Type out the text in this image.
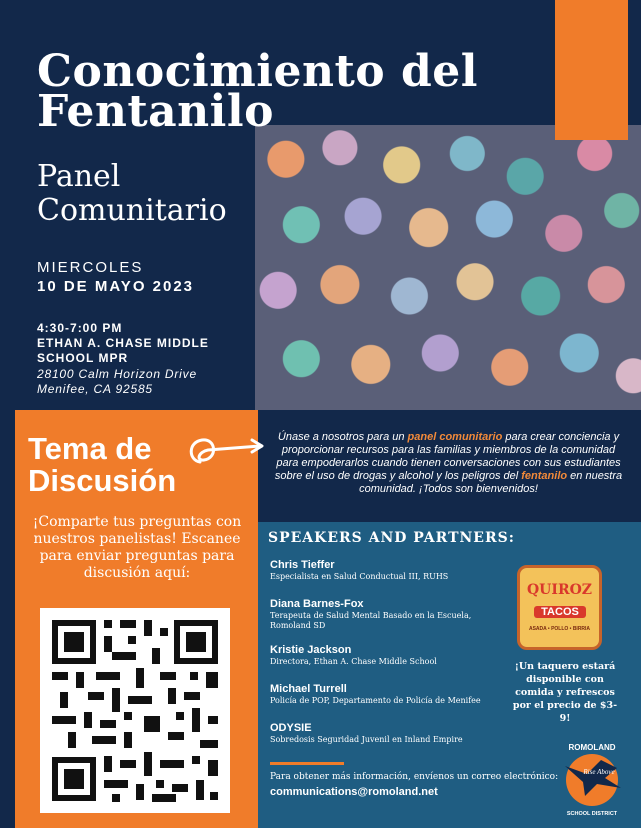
Conocimiento del
Fentanilo
Panel
Comunitario
MIERCOLES
10 DE MAYO 2023
4:30-7:00 PM
ETHAN A. CHASE MIDDLE SCHOOL MPR
28100 Calm Horizon Drive
Menifee, CA 92585
Tema de
Discusión

Únase a nosotros para un panel comunitario para crear conciencia y proporcionar recursos para las familias y miembros de la comunidad para empoderarlos cuando tienen conversaciones con sus estudiantes sobre el uso de drogas y alcohol y los peligros del fentanilo en nuestra comunidad. ¡Todos son bienvenidos!

¡Comparte tus preguntas con nuestros panelistas! Escanee para enviar preguntas para discusión aquí:
SPEAKERS AND PARTNERS:
Chris Tieffer
Especialista en Salud Conductual III, RUHS
Diana Barnes-Fox
Terapeuta de Salud Mental Basado en la Escuela, Romoland SD
Kristie Jackson
Directora, Ethan A. Chase Middle School
Michael Turrell
Policía de POP, Departamento de Policía de Menifee
ODYSIE
Sobredosis Seguridad Juvenil en Inland Empire
QUIROZ
TACOS
ASADA • POLLO • BIRRIA
¡Un taquero estará disponible con comida y refrescos por el precio de $3-9!
Para obtener más información, envíenos un correo electrónico:
communications@romoland.net
ROMOLAND
Rise Above
SCHOOL DISTRICT
